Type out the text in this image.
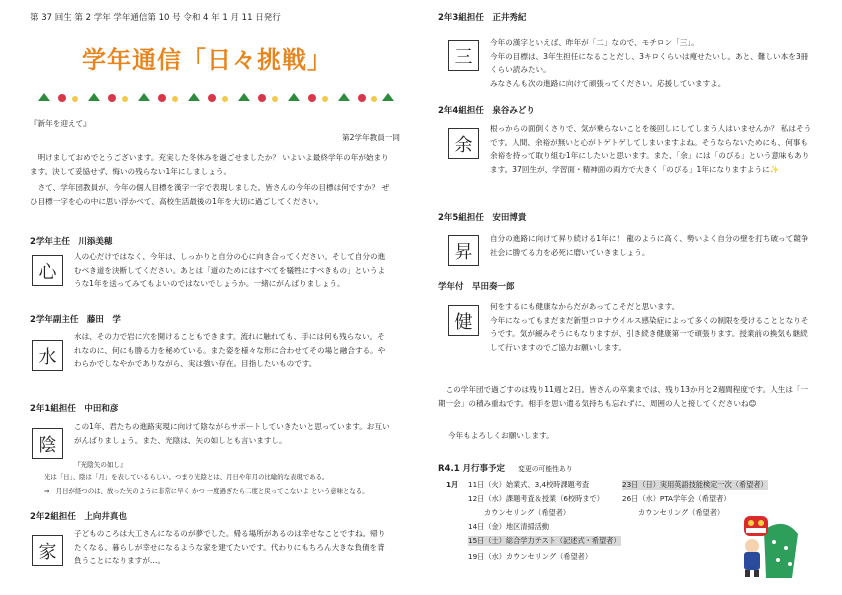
第 37 回生 第 2 学年 学年通信第 10 号 令和 4 年 1 月 11 日発行
学年通信「日々挑戦」
『新年を迎えて』
第2学年教員一同
明けましておめでとうございます。充実した冬休みを過ごせましたか？ いよいよ最終学年の年が始まります。決して妥協せず、悔いの残らない1年にしましょう。
さて、学年団教員が、今年の個人目標を漢字一字で表現しました。皆さんの今年の目標は何ですか？ ぜひ目標一字を心の中に思い浮かべて、高校生活最後の1年を大切に過ごしてください。
2学年主任　川添美穂
心
人の心だけではなく、今年は、しっかりと自分の心に向き合ってください。そして自分の進むべき道を決断してください。あとは「道のためにはすべてを犠牲にすべきもの」というような1年を送ってみてもよいのではないでしょうか。一緒にがんばりましょう。
2学年副主任　藤田　学
水
水は、その力で岩に穴を開けることもできます。流れに触れても、手には何も残らない。それなのに、何にも勝る力を秘めている。また姿を様々な形に合わせてその場と融合する。やわらかでしなやかでありながら、実は強い存在。目指したいものです。
2年1組担任　中田和彦
陰
この1年、君たちの進路実現に向けて陰ながらサポートしていきたいと思っています。お互いがんばりましょう。また、光陰は、矢の如しとも言いますし。
『光陰矢の如し』
光は「日」、陰は「月」を表しているらしい。つまり光陰とは、月日や年月の比喩的な表現である。
⇒　月日が経つのは、放った矢のように非常に早く かつ 一度過ぎたら二度と戻ってこないよ という意味となる。
2年2組担任　上向井真也
家
子どものころは大工さんになるのが夢でした。帰る場所があるのは幸せなことですね。帰りたくなる、暮らしが幸せになるような家を建てたいです。代わりにもちろん大きな負債を背負うことになりますが…。
2年3組担任　正井秀紀
三
今年の漢字といえば、昨年が「二」なので、モチロン「三」。
今年の目標は、3年生担任になることだし、3キロくらいは痩せたいし。あと、難しい本を3冊くらい読みたい。
みなさんも次の進路に向けて頑張ってください。応援していますよ。
2年4組担任　泉谷みどり
余
根っからの面倒くさりで、気が乗らないことを後回しにしてしまう人はいませんか？ 私はそうです。人間、余裕が無いと心がトゲトゲしてしまいますよね。そうならないためにも、何事も余裕を持って取り組む1年にしたいと思います。また、「余」には「のびる」という意味もあります。37回生が、学習面・精神面の両方で大きく「のびる」1年になりますように✨
2年5組担任　安田博貴
昇
自分の進路に向けて昇り続ける1年に！ 龍のように高く、勢いよく自分の壁を打ち破って競争社会に勝てる力を必死に磨いていきましょう。
学年付　早田奏一郎
健
何をするにも健康なからだがあってこそだと思います。
今年になってもまだまだ新型コロナウイルス感染症によって多くの制限を受けることとなりそうです。気が緩みそうにもなりますが、引き続き健康第一で頑張ります。授業前の換気も継続して行いますのでご協力お願いします。
この学年団で過ごすのは残り11週と2日。皆さんの卒業までは、残り13か月と2週間程度です。人生は「一期一会」の積み重ねです。相手を思い遣る気持ちも忘れずに、周囲の人と接してくださいね😊
今年もよろしくお願いします。
R4.1 月行事予定 変更の可能性あり
1月 11日（火）始業式、3,4校時課題考査
12日（水）課題考査＆授業（6校時まで）
カウンセリング（希望者）
14日（金）地区清掃活動
15日（土）総合学力テスト（記述式・希望者）
19日（水）カウンセリング（希望者）
23日（日）実用英語技能検定一次（希望者）
26日（水）PTA学年会（希望者）
カウンセリング（希望者）
